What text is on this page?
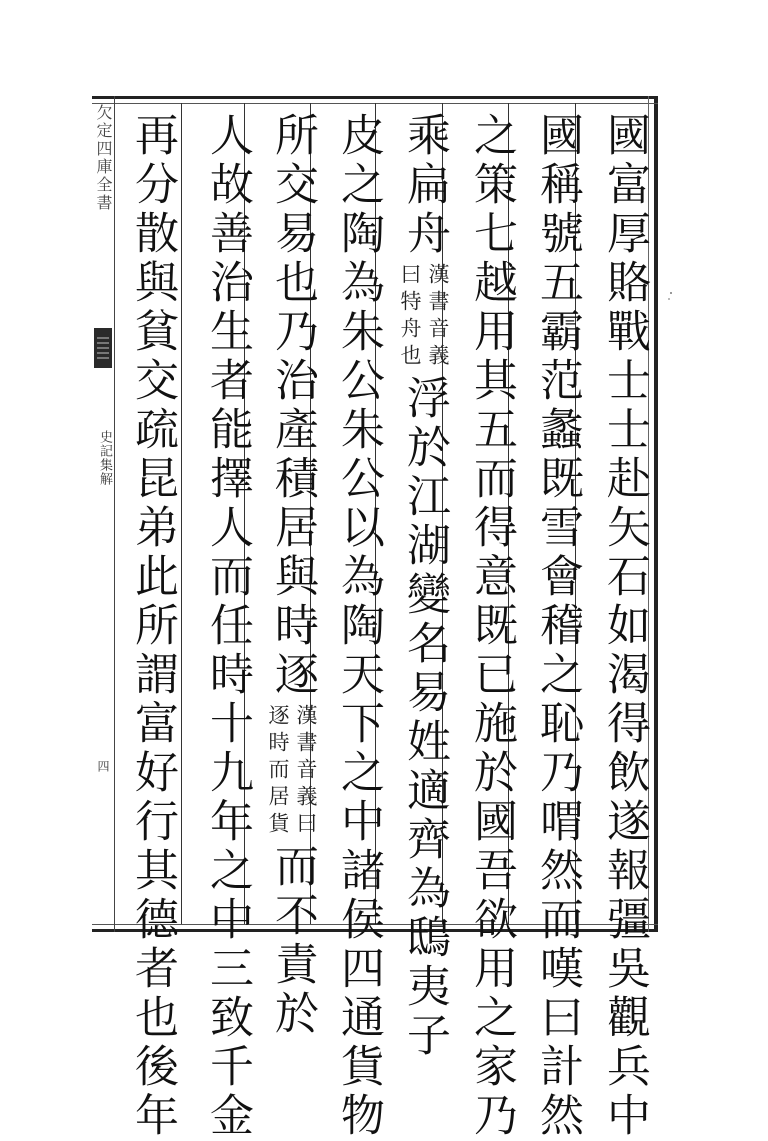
欠定四庫全書
史記集解
四	國富厚賂戰士士赴矢石如渴得飲遂報彊吳觀兵中
國稱號五霸范蠡既雪會稽之恥乃喟然而嘆曰計然
之策七越用其五而得意既已施於國吾欲用之家乃
乘扁舟
漢書音義
曰特舟也
浮於江湖變名易姓適齊為鴟夷子
皮之陶為朱公朱公以為陶天下之中諸侯四通貨物
所交易也乃治產積居與時逐
漢書音義曰
逐時而居貨
而不責於
人故善治生者能擇人而任時十九年之中三致千金
再分散與貧交疏昆弟此所謂富好行其德者也後年
